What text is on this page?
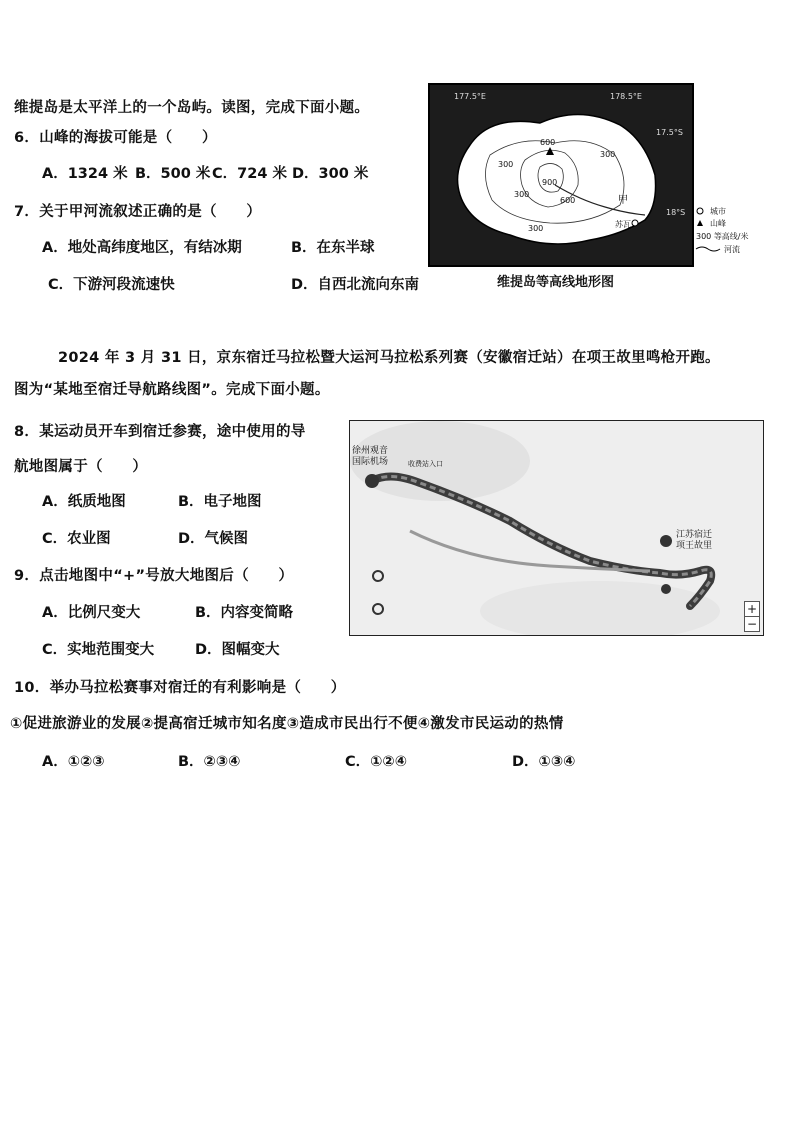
维提岛是太平洋上的一个岛屿。读图，完成下面小题。
6．山峰的海拔可能是（　　）
A．1324 米 B．500 米 C．724 米 D．300 米
7．关于甲河流叙述正确的是（　　）
A．地处高纬度地区，有结冰期	B．在东半球
C．下游河段流速快	D．自西北流向东南
177.5°E	178.5°E
17.5°S
18°S
300
600
900
300
600
300
300
甲
苏瓦
城市
山峰
300 等高线/米
河流
维提岛等高线地形图
2024 年 3 月 31 日，京东宿迁马拉松暨大运河马拉松系列赛（安徽宿迁站）在项王故里鸣枪开跑。
图为“某地至宿迁导航路线图”。完成下面小题。
8．某运动员开车到宿迁参赛，途中使用的导
航地图属于（　　）
A．纸质地图	B．电子地图
C．农业图	D．气候图
徐州观音
国际机场	收费站入口
江苏宿迁
项王故里
+
−
9．点击地图中“+”号放大地图后（　　）
A．比例尺变大	B．内容变简略
C．实地范围变大	D．图幅变大
10．举办马拉松赛事对宿迁的有利影响是（　　）
①促进旅游业的发展②提高宿迁城市知名度③造成市民出行不便④激发市民运动的热情
A．①②③	B．②③④	C．①②④	D．①③④
